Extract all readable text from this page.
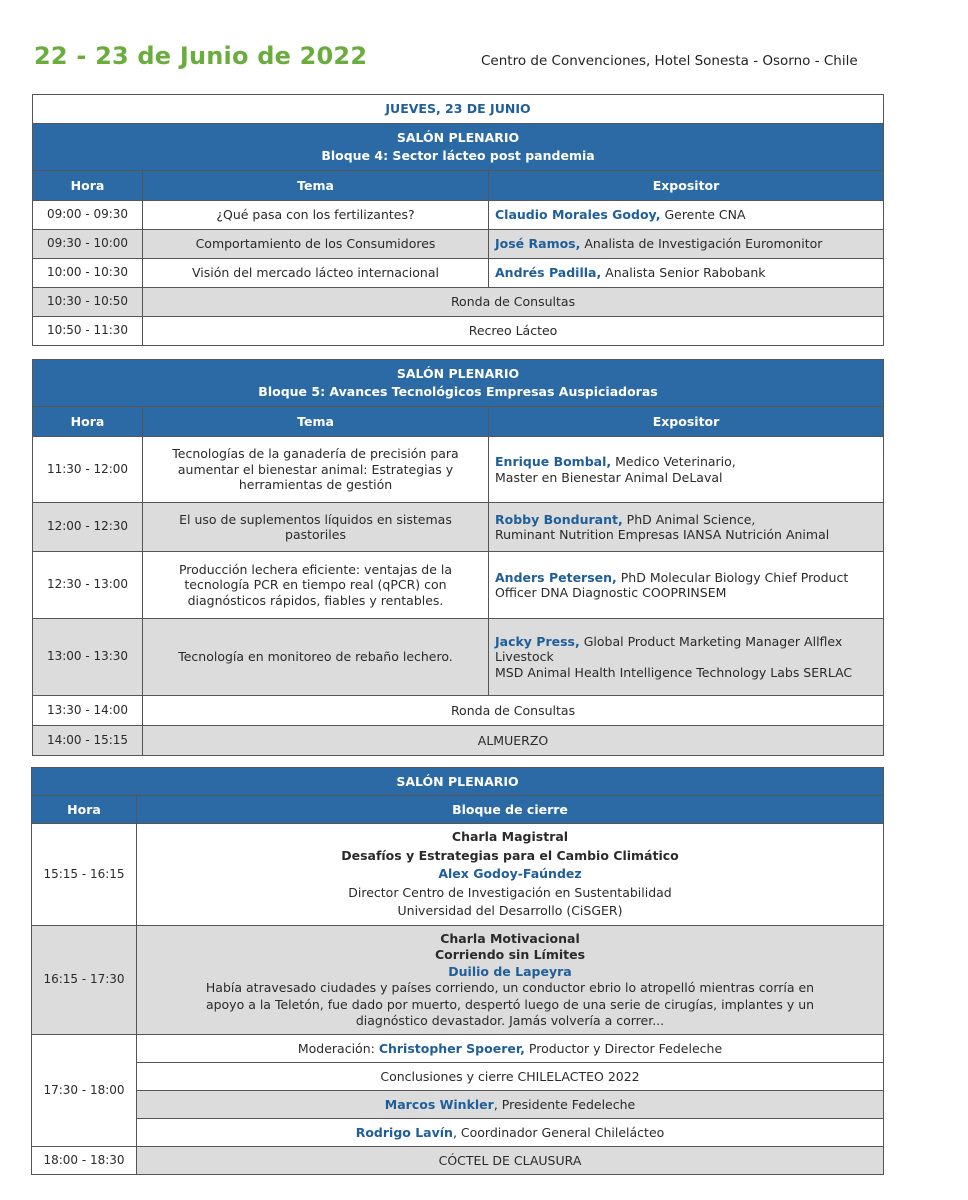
22 - 23 de Junio de 2022	Centro de Convenciones, Hotel Sonesta - Osorno - Chile
JUEVES, 23 DE JUNIO		
SALÓN PLENARIO
Bloque 4: Sector lácteo post pandemia		
Hora	Tema	Expositor
09:00 - 09:30	¿Qué pasa con los fertilizantes?	Claudio Morales Godoy, Gerente CNA
09:30 - 10:00	Comportamiento de los Consumidores	José Ramos, Analista de Investigación Euromonitor
10:00 - 10:30	Visión del mercado lácteo internacional	Andrés Padilla, Analista Senior Rabobank
10:30 - 10:50	Ronda de Consultas	
10:50 - 11:30	Recreo Lácteo	
SALÓN PLENARIO
Bloque 5: Avances Tecnológicos Empresas Auspiciadoras		
Hora	Tema	Expositor
11:30 - 12:00	Tecnologías de la ganadería de precisión para aumentar el bienestar animal: Estrategias y herramientas de gestión	Enrique Bombal, Medico Veterinario,
Master en Bienestar Animal DeLaval
12:00 - 12:30	El uso de suplementos líquidos en sistemas pastoriles	Robby Bondurant, PhD Animal Science,
Ruminant Nutrition Empresas IANSA Nutrición Animal
12:30 - 13:00	Producción lechera eficiente: ventajas de la tecnología PCR en tiempo real (qPCR) con diagnósticos rápidos, fiables y rentables.	Anders Petersen, PhD Molecular Biology Chief Product Officer DNA Diagnostic COOPRINSEM
13:00 - 13:30	Tecnología en monitoreo de rebaño lechero.	Jacky Press, Global Product Marketing Manager Allflex Livestock
MSD Animal Health Intelligence Technology Labs SERLAC
13:30 - 14:00	Ronda de Consultas	
14:00 - 15:15	ALMUERZO	
SALÓN PLENARIO	
Hora	Bloque de cierre
15:15 - 16:15	Charla Magistral
Desafíos y Estrategias para el Cambio Climático
Alex Godoy-Faúndez
Director Centro de Investigación en Sustentabilidad
Universidad del Desarrollo (CiSGER)
16:15 - 17:30	Charla Motivacional
Corriendo sin Límites
Duilio de Lapeyra
Había atravesado ciudades y países corriendo, un conductor ebrio lo atropelló mientras corría en apoyo a la Teletón, fue dado por muerto, despertó luego de una serie de cirugías, implantes y un diagnóstico devastador. Jamás volvería a correr...
17:30 - 18:00	Moderación: Christopher Spoerer, Productor y Director Fedeleche
	Conclusiones y cierre CHILELACTEO 2022
	Marcos Winkler, Presidente Fedeleche
	Rodrigo Lavín, Coordinador General Chilelácteo
18:00 - 18:30	CÓCTEL DE CLAUSURA
